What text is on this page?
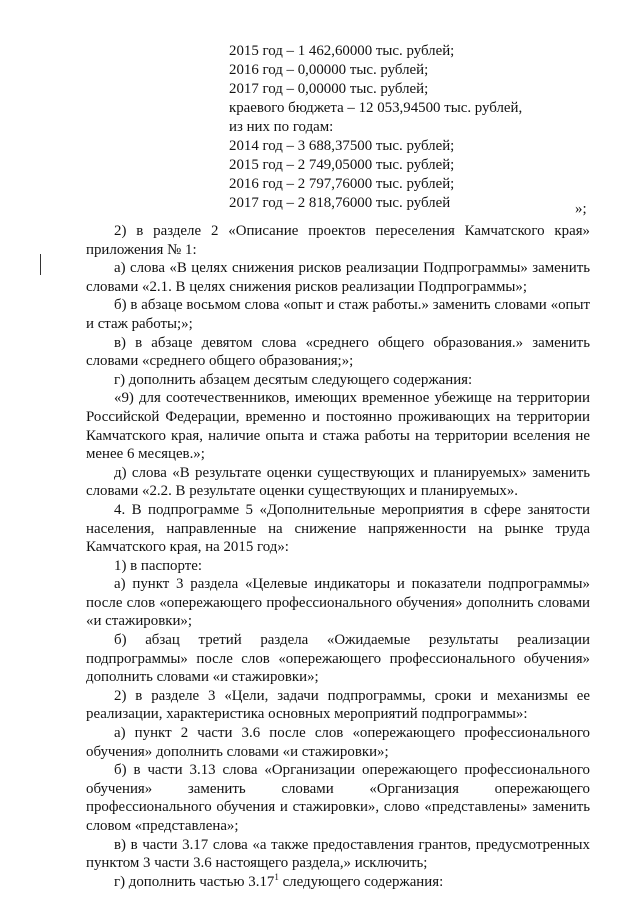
2015 год – 1 462,60000 тыс. рублей;
2016 год – 0,00000 тыс. рублей;
2017 год – 0,00000 тыс. рублей;
краевого бюджета – 12 053,94500 тыс. рублей,
из них по годам:
2014 год – 3 688,37500 тыс. рублей;
2015 год – 2 749,05000 тыс. рублей;
2016 год – 2 797,76000 тыс. рублей;
2017 год – 2 818,76000 тыс. рублей	»;

2) в разделе 2 «Описание проектов переселения Камчатского края» приложения № 1:

а) слова «В целях снижения рисков реализации Подпрограммы» заменить словами «2.1. В целях снижения рисков реализации Подпрограммы»;

б) в абзаце восьмом слова «опыт и стаж работы.» заменить словами «опыт и стаж работы;»;

в) в абзаце девятом слова «среднего общего образования.» заменить словами «среднего общего образования;»;

г) дополнить абзацем десятым следующего содержания:

«9) для соотечественников, имеющих временное убежище на территории Российской Федерации, временно и постоянно проживающих на территории Камчатского края, наличие опыта и стажа работы на территории вселения не менее 6 месяцев.»;

д) слова «В результате оценки существующих и планируемых» заменить словами «2.2. В результате оценки существующих и планируемых».

4. В подпрограмме 5 «Дополнительные мероприятия в сфере занятости населения, направленные на снижение напряженности на рынке труда Камчатского края, на 2015 год»:

1) в паспорте:

а) пункт 3 раздела «Целевые индикаторы и показатели подпрограммы» после слов «опережающего профессионального обучения» дополнить словами «и стажировки»;

б) абзац третий раздела «Ожидаемые результаты реализации подпрограммы» после слов «опережающего профессионального обучения» дополнить словами «и стажировки»;

2) в разделе 3 «Цели, задачи подпрограммы, сроки и механизмы ее реализации, характеристика основных мероприятий подпрограммы»:

а) пункт 2 части 3.6 после слов «опережающего профессионального обучения» дополнить словами «и стажировки»;

б) в части 3.13 слова «Организации опережающего профессионального обучения» заменить словами «Организация опережающего профессионального обучения и стажировки», слово «представлены» заменить словом «представлена»;

в) в части 3.17 слова «а также предоставления грантов, предусмотренных пунктом 3 части 3.6 настоящего раздела,» исключить;

г) дополнить частью 3.17$^1$ следующего содержания:
